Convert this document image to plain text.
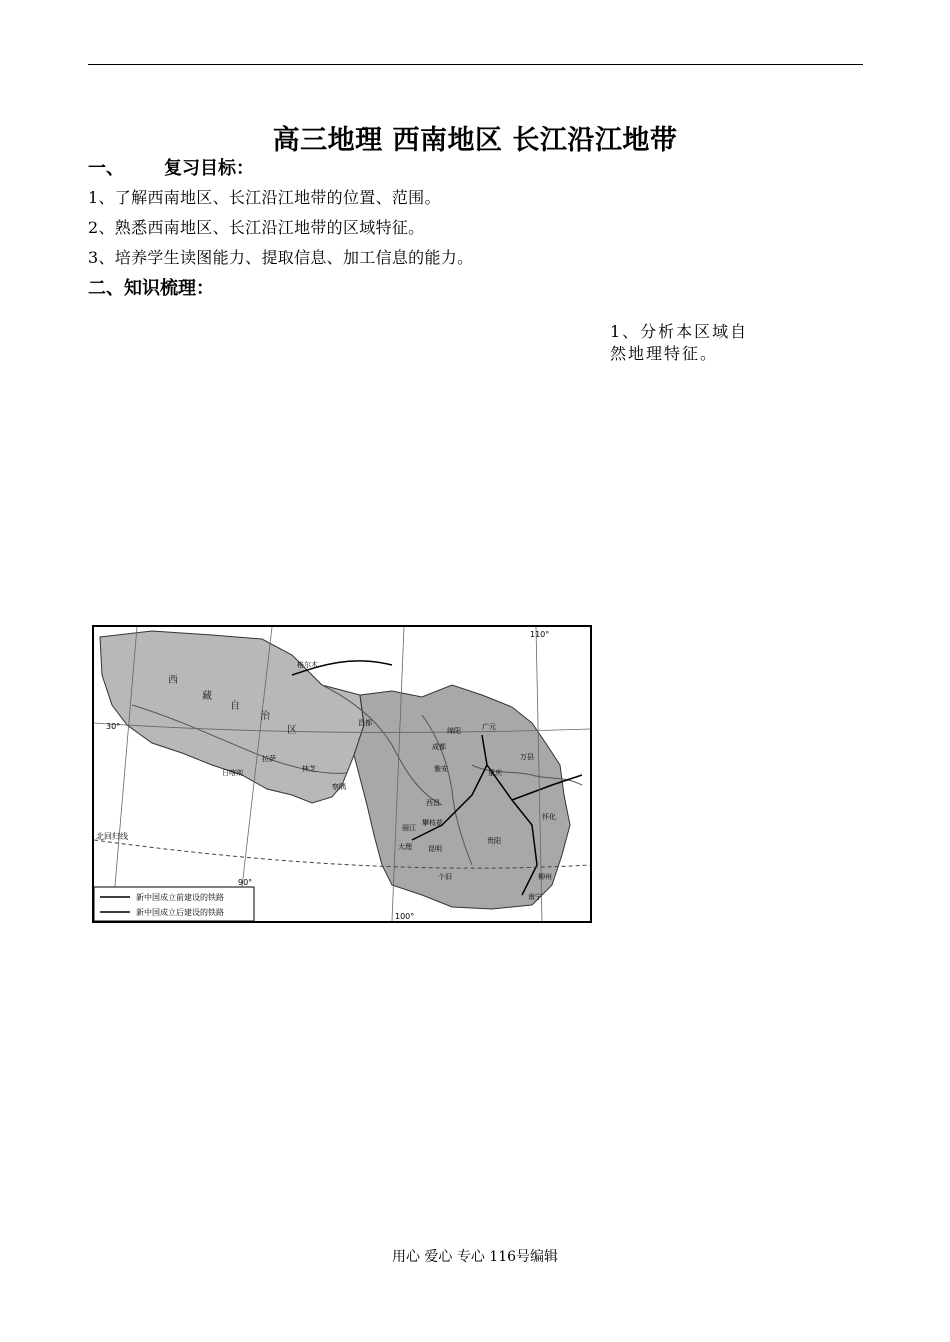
高三地理 西南地区 长江沿江地带
一、 复习目标：
1、了解西南地区、长江沿江地带的位置、范围。
2、熟悉西南地区、长江沿江地带的区域特征。
3、培养学生读图能力、提取信息、加工信息的能力。
二、知识梳理：
1、分析本区域自
然地理特征。
30°
北回归线
90°
100°
110°
西
藏
自
治
区
格尔木
昌都
拉萨
日喀则	林芝
察隅
绵阳	广元
成都
万县
重庆
雅安
攀枝花
大理 昆明
贵阳
怀化
柳州
南宁
个旧
丽江
西昌
新中国成立前建设的铁路
新中国成立后建设的铁路
用心 爱心 专心 116号编辑
